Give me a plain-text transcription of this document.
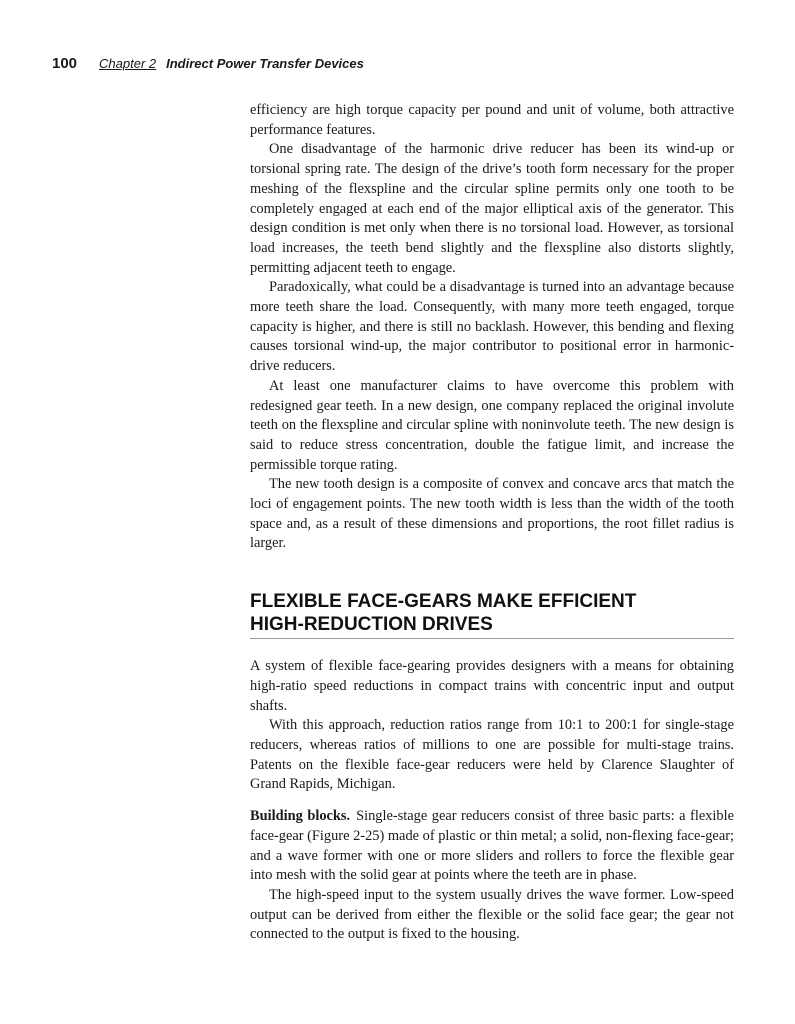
100 Chapter 2 Indirect Power Transfer Devices

efficiency are high torque capacity per pound and unit of volume, both attractive performance features.

One disadvantage of the harmonic drive reducer has been its wind-up or torsional spring rate. The design of the drive’s tooth form necessary for the proper meshing of the flexspline and the circular spline permits only one tooth to be completely engaged at each end of the major elliptical axis of the generator. This design condition is met only when there is no torsional load. However, as torsional load increases, the teeth bend slightly and the flexspline also distorts slightly, permitting adjacent teeth to engage.

Paradoxically, what could be a disadvantage is turned into an advantage because more teeth share the load. Consequently, with many more teeth engaged, torque capacity is higher, and there is still no backlash. However, this bending and flexing causes torsional wind-up, the major contributor to positional error in harmonic-drive reducers.

At least one manufacturer claims to have overcome this problem with redesigned gear teeth. In a new design, one company replaced the original involute teeth on the flexspline and circular spline with noninvolute teeth. The new design is said to reduce stress concentration, double the fatigue limit, and increase the permissible torque rating.

The new tooth design is a composite of convex and concave arcs that match the loci of engagement points. The new tooth width is less than the width of the tooth space and, as a result of these dimensions and proportions, the root fillet radius is larger.

FLEXIBLE FACE-GEARS MAKE EFFICIENT
HIGH-REDUCTION DRIVES

A system of flexible face-gearing provides designers with a means for obtaining high-ratio speed reductions in compact trains with concentric input and output shafts.

With this approach, reduction ratios range from 10:1 to 200:1 for single-stage reducers, whereas ratios of millions to one are possible for multi-stage trains. Patents on the flexible face-gear reducers were held by Clarence Slaughter of Grand Rapids, Michigan.

Building blocks. Single-stage gear reducers consist of three basic parts: a flexible face-gear (Figure 2-25) made of plastic or thin metal; a solid, non-flexing face-gear; and a wave former with one or more sliders and rollers to force the flexible gear into mesh with the solid gear at points where the teeth are in phase.

The high-speed input to the system usually drives the wave former. Low-speed output can be derived from either the flexible or the solid face gear; the gear not connected to the output is fixed to the housing.
